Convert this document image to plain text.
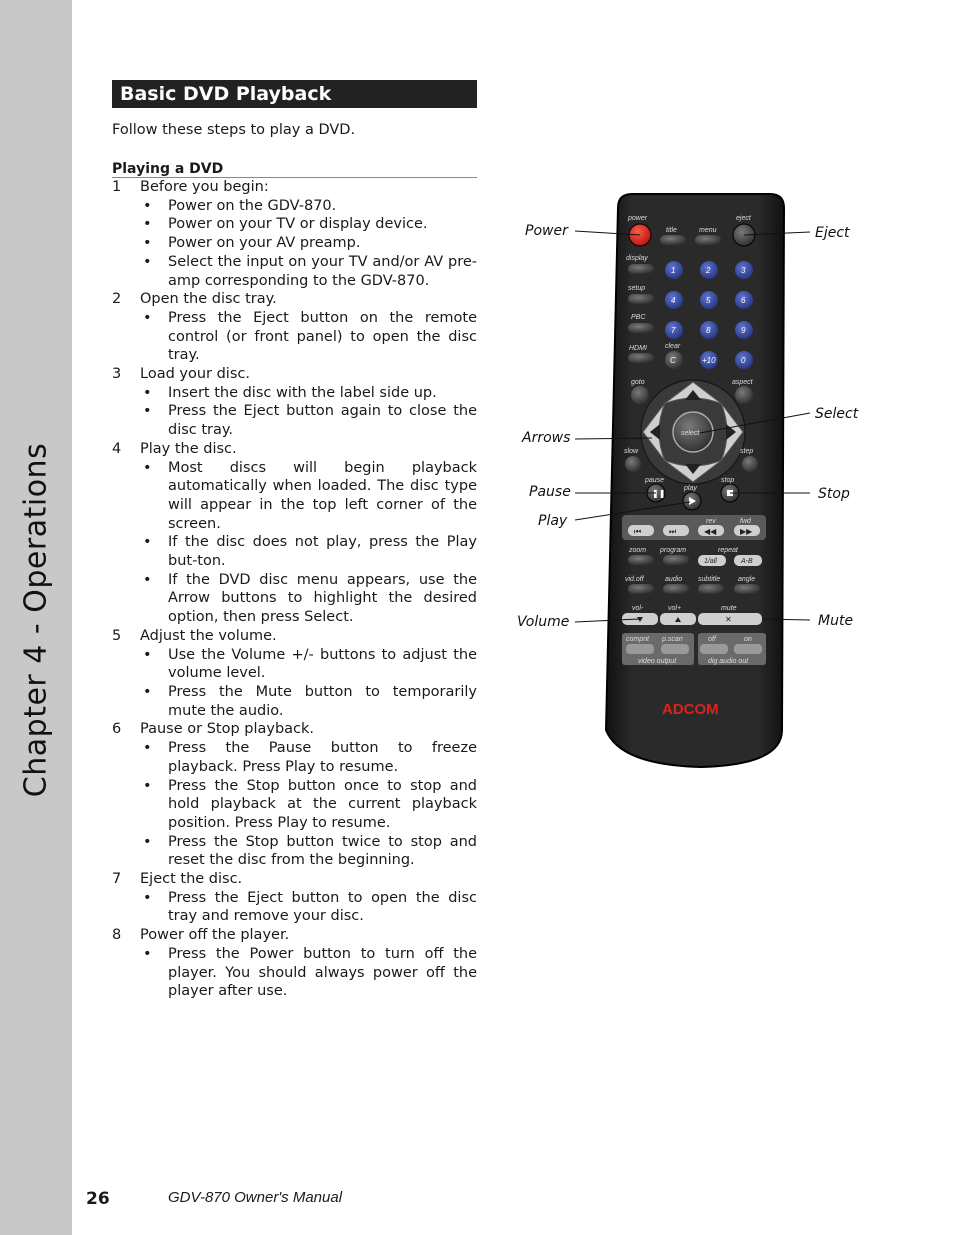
Chapter 4 - Operations
Basic DVD Playback
Follow these steps to play a DVD.
Playing a DVD
1 Before you begin:
• Power on the GDV-870.
• Power on your TV or display device.
• Power on your AV preamp.
• Select the input on your TV and/or AV pre-amp corresponding to the GDV-870.
2 Open the disc tray.
• Press the Eject button on the remote control (or front panel) to open the disc tray.
3 Load your disc.
• Insert the disc with the label side up.
• Press the Eject button again to close the disc tray.
4 Play the disc.
• Most discs will begin playback automatically when loaded. The disc type will appear in the top left corner of the screen.
• If the disc does not play, press the Play but-ton.
• If the DVD disc menu appears, use the Arrow buttons to highlight the desired option, then press Select.
5 Adjust the volume.
• Use the Volume +/- buttons to adjust the volume level.
• Press the Mute button to temporarily mute the audio.
6 Pause or Stop playback.
• Press the Pause button to freeze playback. Press Play to resume.
• Press the Stop button once to stop and hold playback at the current playback position. Press Play to resume.
• Press the Stop button twice to stop and reset the disc from the beginning.
7 Eject the disc.
• Press the Eject button to open the disc tray and remove your disc.
8 Power off the player.
• Press the Power button to turn off the player. You should always power off the player after use.
power	eject
title	menu
display
1	2	3
setup
4	5	6
PBC
7	8	9
HDMI	clear
C	+10	0
goto	aspect
select
slow	step
pause
❚❚
play
stop
rev	fwd
⏮	⏭	◀◀	▶▶
zoom program	repeat
1/all	A-B
vid.off	audio subtitle	angle
vol-	vol+	mute
✕
compnt p.scan
video output
off	on
dig audio out
ADCOM
Power	Eject
Arrows
Select
Pause	Stop
Play
Volume	Mute
26	GDV-870 Owner's Manual
